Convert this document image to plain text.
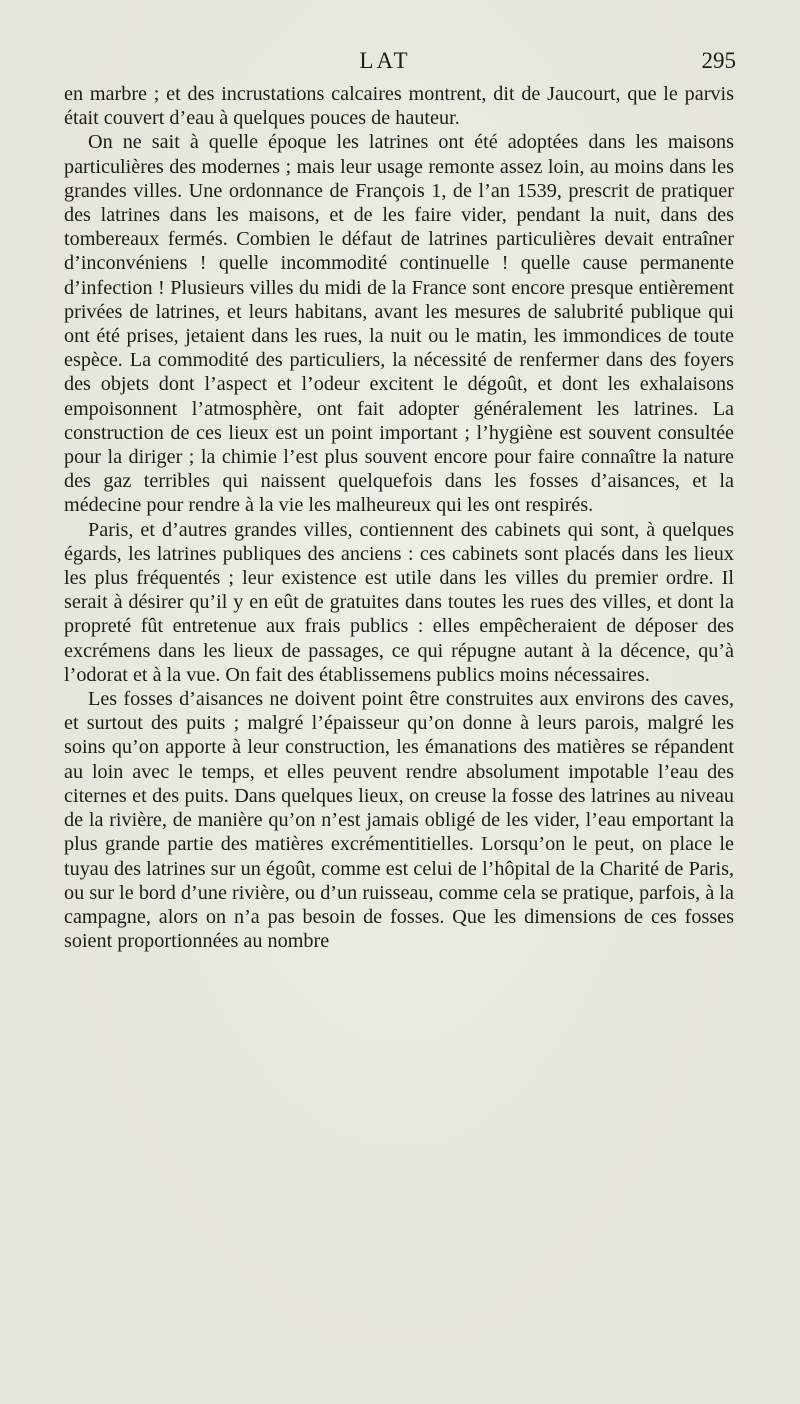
LAT	295

en marbre ; et des incrustations calcaires montrent, dit de Jaucourt, que le parvis était couvert d’eau à quelques pouces de hauteur.

On ne sait à quelle époque les latrines ont été adoptées dans les maisons particulières des modernes ; mais leur usage remonte assez loin, au moins dans les grandes villes. Une ordonnance de François 1, de l’an 1539, prescrit de pratiquer des latrines dans les maisons, et de les faire vider, pendant la nuit, dans des tombereaux fermés. Combien le défaut de latrines particulières devait entraîner d’inconvéniens ! quelle incommodité continuelle ! quelle cause permanente d’infection ! Plusieurs villes du midi de la France sont encore presque entièrement privées de latrines, et leurs habitans, avant les mesures de salubrité publique qui ont été prises, jetaient dans les rues, la nuit ou le matin, les immondices de toute espèce. La commodité des particuliers, la nécessité de renfermer dans des foyers des objets dont l’aspect et l’odeur excitent le dégoût, et dont les exhalaisons empoisonnent l’atmosphère, ont fait adopter généralement les latrines. La construction de ces lieux est un point important ; l’hygiène est souvent consultée pour la diriger ; la chimie l’est plus souvent encore pour faire connaître la nature des gaz terribles qui naissent quelquefois dans les fosses d’aisances, et la médecine pour rendre à la vie les malheureux qui les ont respirés.

Paris, et d’autres grandes villes, contiennent des cabinets qui sont, à quelques égards, les latrines publiques des anciens : ces cabinets sont placés dans les lieux les plus fréquentés ; leur existence est utile dans les villes du premier ordre. Il serait à désirer qu’il y en eût de gratuites dans toutes les rues des villes, et dont la propreté fût entretenue aux frais publics : elles empêcheraient de déposer des excrémens dans les lieux de passages, ce qui répugne autant à la décence, qu’à l’odorat et à la vue. On fait des établissemens publics moins nécessaires.

Les fosses d’aisances ne doivent point être construites aux environs des caves, et surtout des puits ; malgré l’épaisseur qu’on donne à leurs parois, malgré les soins qu’on apporte à leur construction, les émanations des matières se répandent au loin avec le temps, et elles peuvent rendre absolument impotable l’eau des citernes et des puits. Dans quelques lieux, on creuse la fosse des latrines au niveau de la rivière, de manière qu’on n’est jamais obligé de les vider, l’eau emportant la plus grande partie des matières excrémentitielles. Lorsqu’on le peut, on place le tuyau des latrines sur un égoût, comme est celui de l’hôpital de la Charité de Paris, ou sur le bord d’une rivière, ou d’un ruisseau, comme cela se pratique, parfois, à la campagne, alors on n’a pas besoin de fosses. Que les dimensions de ces fosses soient proportionnées au nombre
